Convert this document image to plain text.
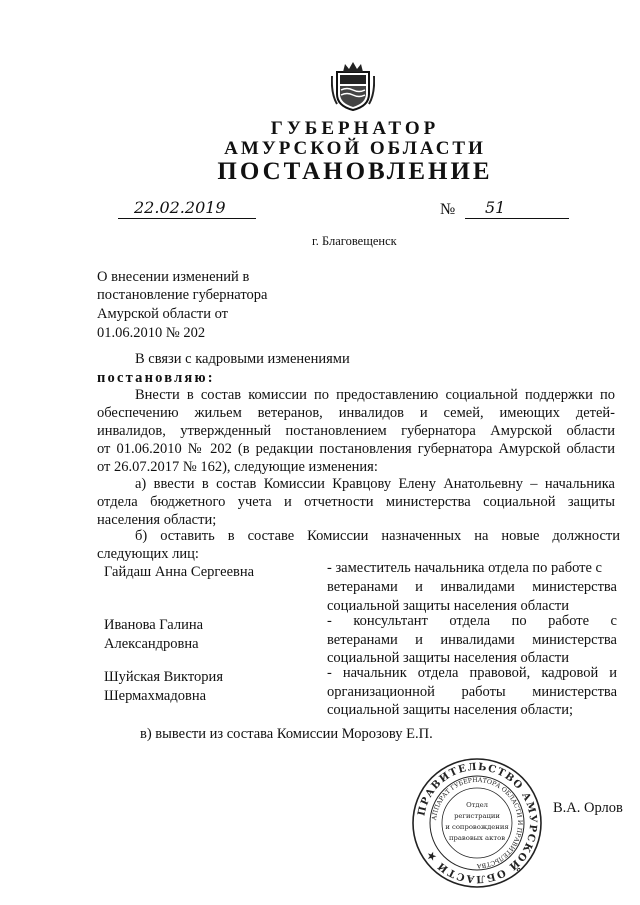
ГУБЕРНАТОР
АМУРСКОЙ ОБЛАСТИ
ПОСТАНОВЛЕНИЕ
22.02.2019	№ 51
г. Благовещенск
О внесении изменений в
постановление губернатора
Амурской области от
01.06.2010 № 202
В связи с кадровыми изменениями
постановляю:
Внести в состав комиссии по предоставлению социальной поддержки по
обеспечению жильем ветеранов, инвалидов и семей, имеющих детей-
инвалидов, утвержденный постановлением губернатора Амурской области
от 01.06.2010 № 202 (в редакции постановления губернатора Амурской области
от 26.07.2017 № 162), следующие изменения:
а) ввести в состав Комиссии Кравцову Елену Анатольевну – начальника
отдела бюджетного учета и отчетности министерства социальной защиты
населения области;
б) оставить в составе Комиссии назначенных на новые должности
следующих лиц:
Гайдаш Анна Сергеевна	- заместитель начальника отдела по работе с
ветеранами и инвалидами министерства
социальной защиты населения области
Иванова Галина
Александровна
- консультант отдела по работе с
ветеранами и инвалидами министерства
социальной защиты населения области
Шуйская Виктория
Шермахмадовна
- начальник отдела правовой, кадровой и
организационной работы министерства
социальной защиты населения области;
в) вывести из состава Комиссии Морозову Е.П.
ПРАВИТЕЛЬСТВО АМУРСКОЙ ОБЛАСТИ ★
АППАРАТ ГУБЕРНАТОРА ОБЛАСТИ И ПРАВИТЕЛЬСТВА
Отдел
регистрации
и сопровождения
правовых актов
В.А. Орлов
